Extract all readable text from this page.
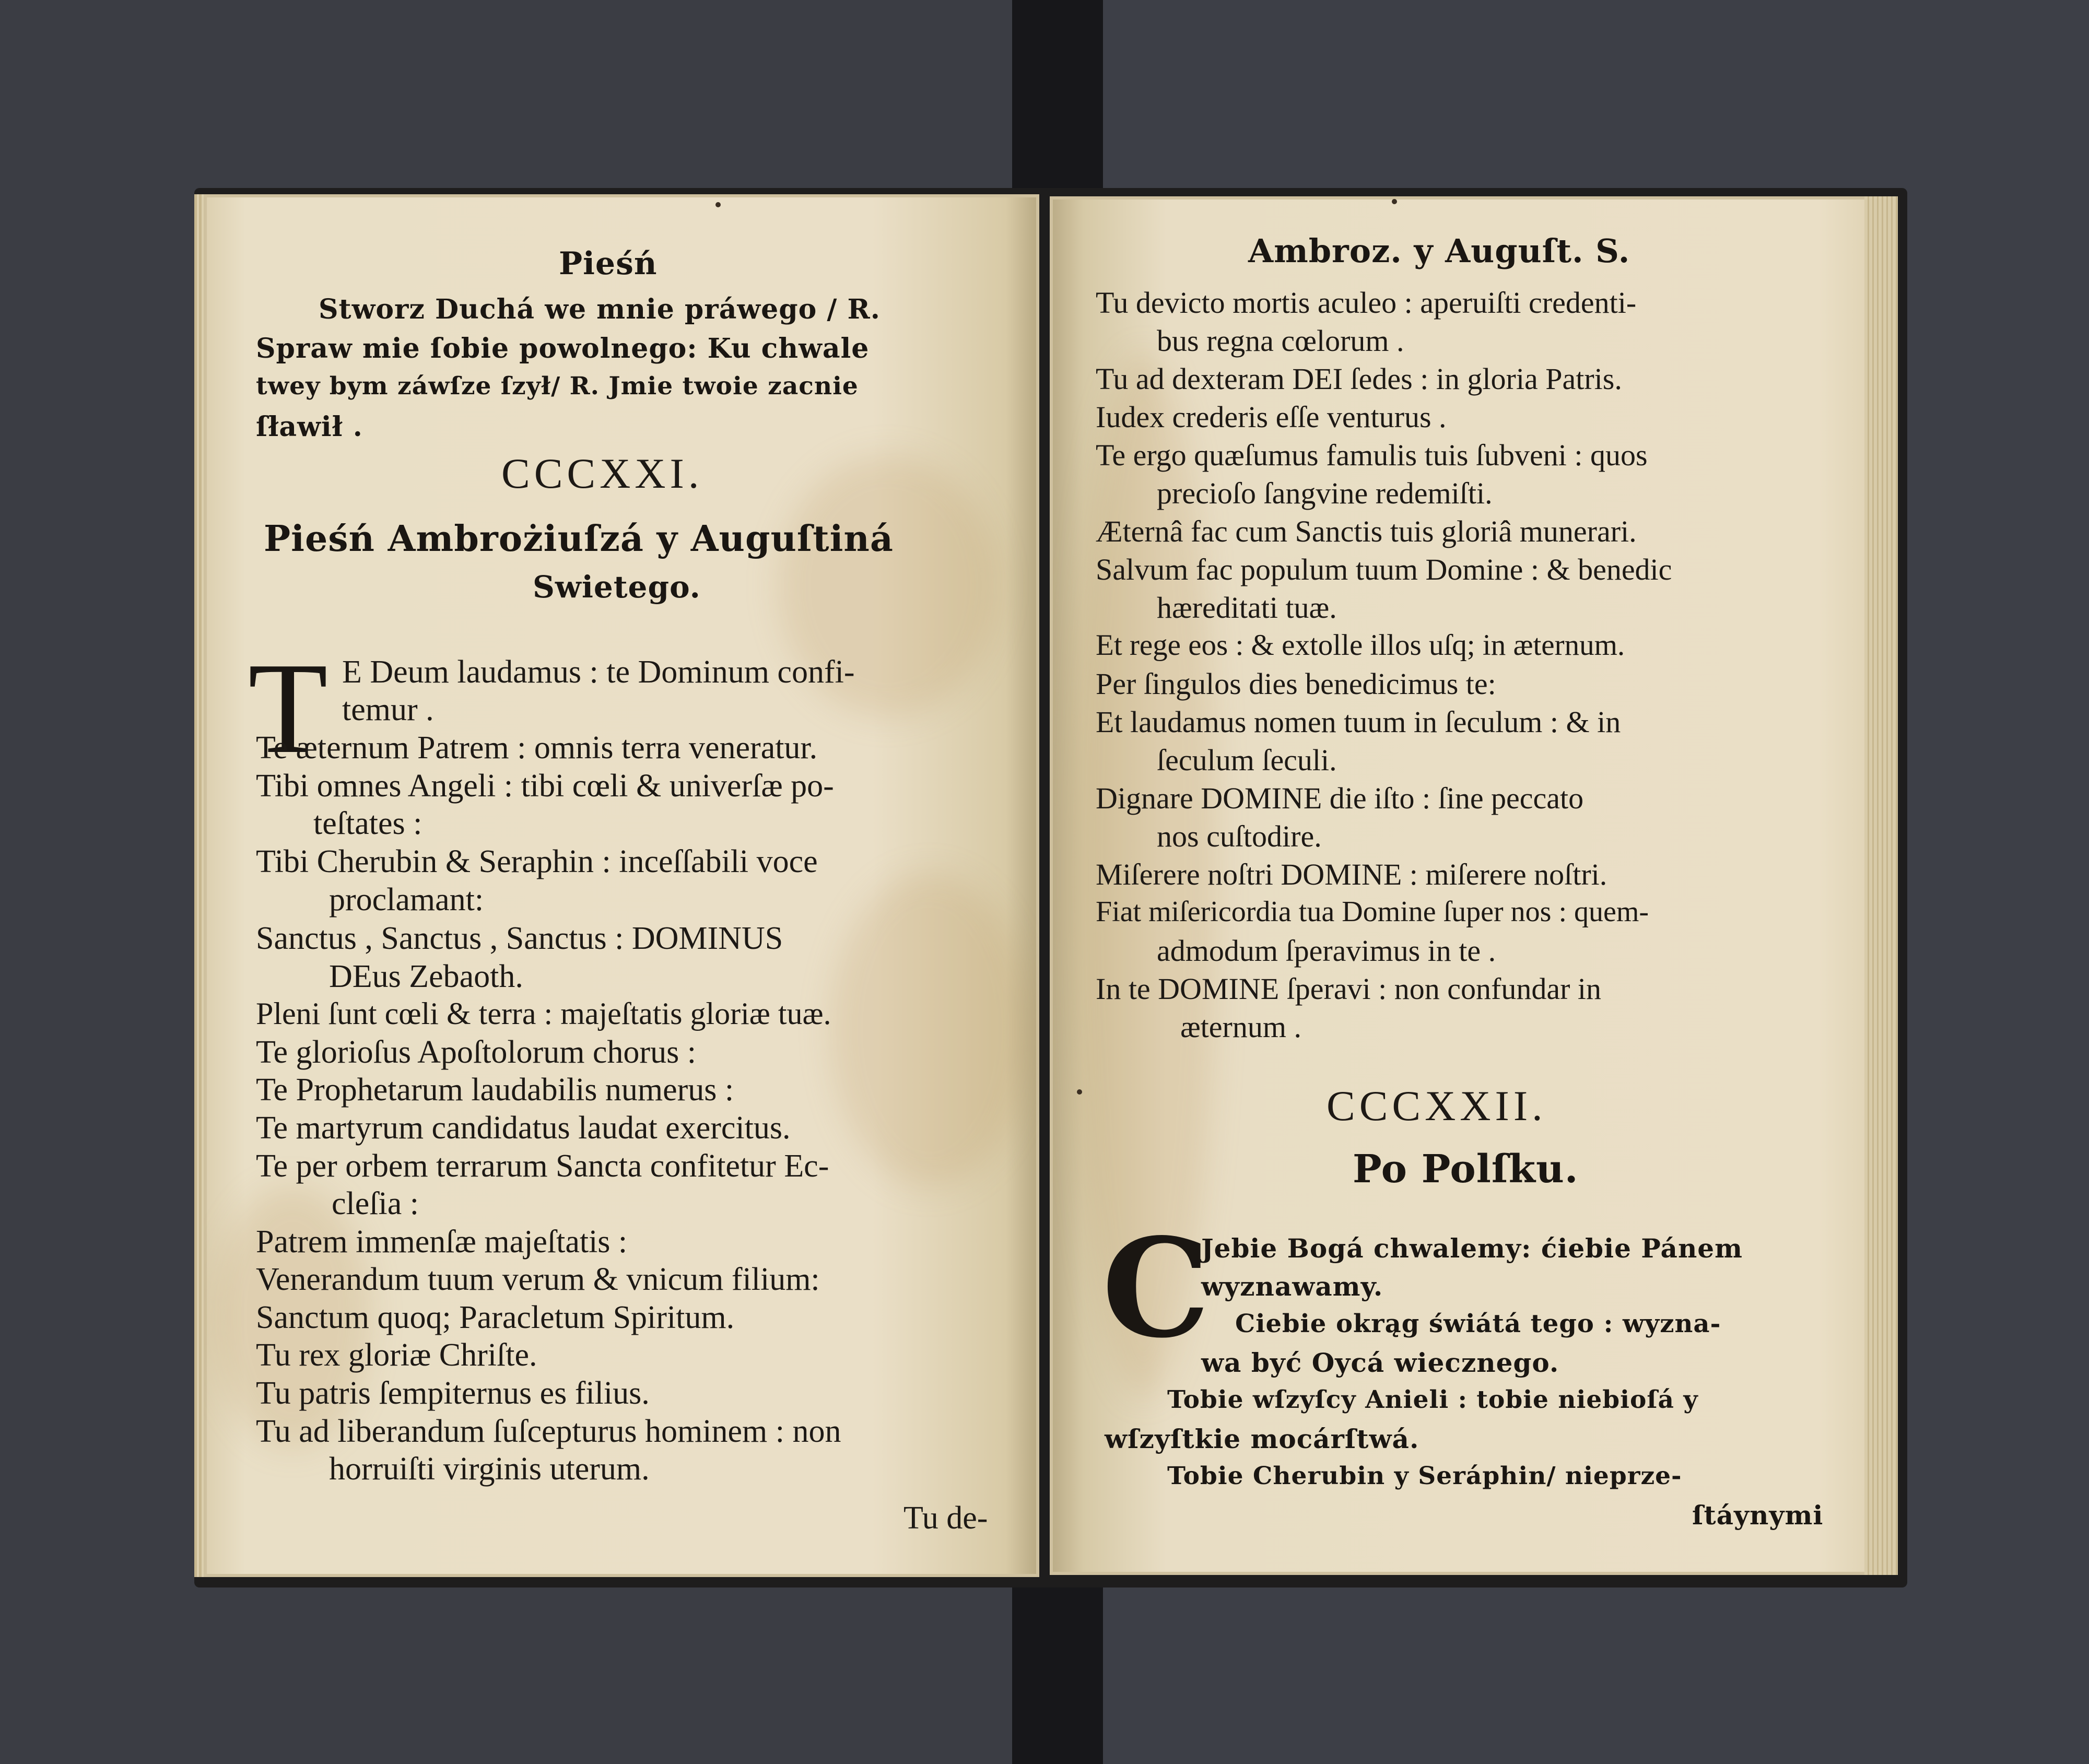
Pieśń
Stworz Duchá we mnie práwego / R.
Spraw mie ſobie powolnego: Ku chwale
twey bym záwſze ſzył/ R. Jmie twoie zacnie
ſławił .
CCCXXI.
Pieśń Ambrożiuſzá y Auguſtiná
Swietego.
T E Deum laudamus : te Dominum confi-
temur .
Te æternum Patrem : omnis terra veneratur.
Tibi omnes Angeli : tibi cœli & univerſæ po-
teſtates :
Tibi Cherubin & Seraphin : inceſſabili voce
proclamant:
Sanctus , Sanctus , Sanctus : DOMINUS
DEus Zebaoth.
Pleni ſunt cœli & terra : majeſtatis gloriæ tuæ.
Te glorioſus Apoſtolorum chorus :
Te Prophetarum laudabilis numerus :
Te martyrum candidatus laudat exercitus.
Te per orbem terrarum Sancta confitetur Ec-
cleſia :
Patrem immenſæ majeſtatis :
Venerandum tuum verum & vnicum filium:
Sanctum quoq; Paracletum Spiritum.
Tu rex gloriæ Chriſte.
Tu patris ſempiternus es filius.
Tu ad liberandum ſuſcepturus hominem : non
horruiſti virginis uterum.
Tu de-
Ambroz. y Auguſt. S.
Tu devicto mortis aculeo : aperuiſti credenti-
bus regna cœlorum .
Tu ad dexteram DEI ſedes : in gloria Patris.
Iudex crederis eſſe venturus .
Te ergo quæſumus famulis tuis ſubveni : quos
precioſo ſangvine redemiſti.
Æternâ fac cum Sanctis tuis gloriâ munerari.
Salvum fac populum tuum Domine : & benedic
hæreditati tuæ.
Et rege eos : & extolle illos uſq; in æternum.
Per ſingulos dies benedicimus te:
Et laudamus nomen tuum in ſeculum : & in
ſeculum ſeculi.
Dignare DOMINE die iſto : ſine peccato
nos cuſtodire.
Miſerere noſtri DOMINE : miſerere noſtri.
Fiat miſericordia tua Domine ſuper nos : quem-
admodum ſperavimus in te .
In te DOMINE ſperavi : non confundar in
æternum .
CCCXXII.
Po Polſku.
C
Jebie Bogá chwalemy: ćiebie Pánem
wyznawamy.
Ciebie okrąg świátá tego : wyzna-
wa być Oycá wiecznego.
Tobie wſzyſcy Anieli : tobie niebioſá y
wſzyſtkie mocárſtwá.
Tobie Cherubin y Seráphin/ nieprze-
ſtáynymi
